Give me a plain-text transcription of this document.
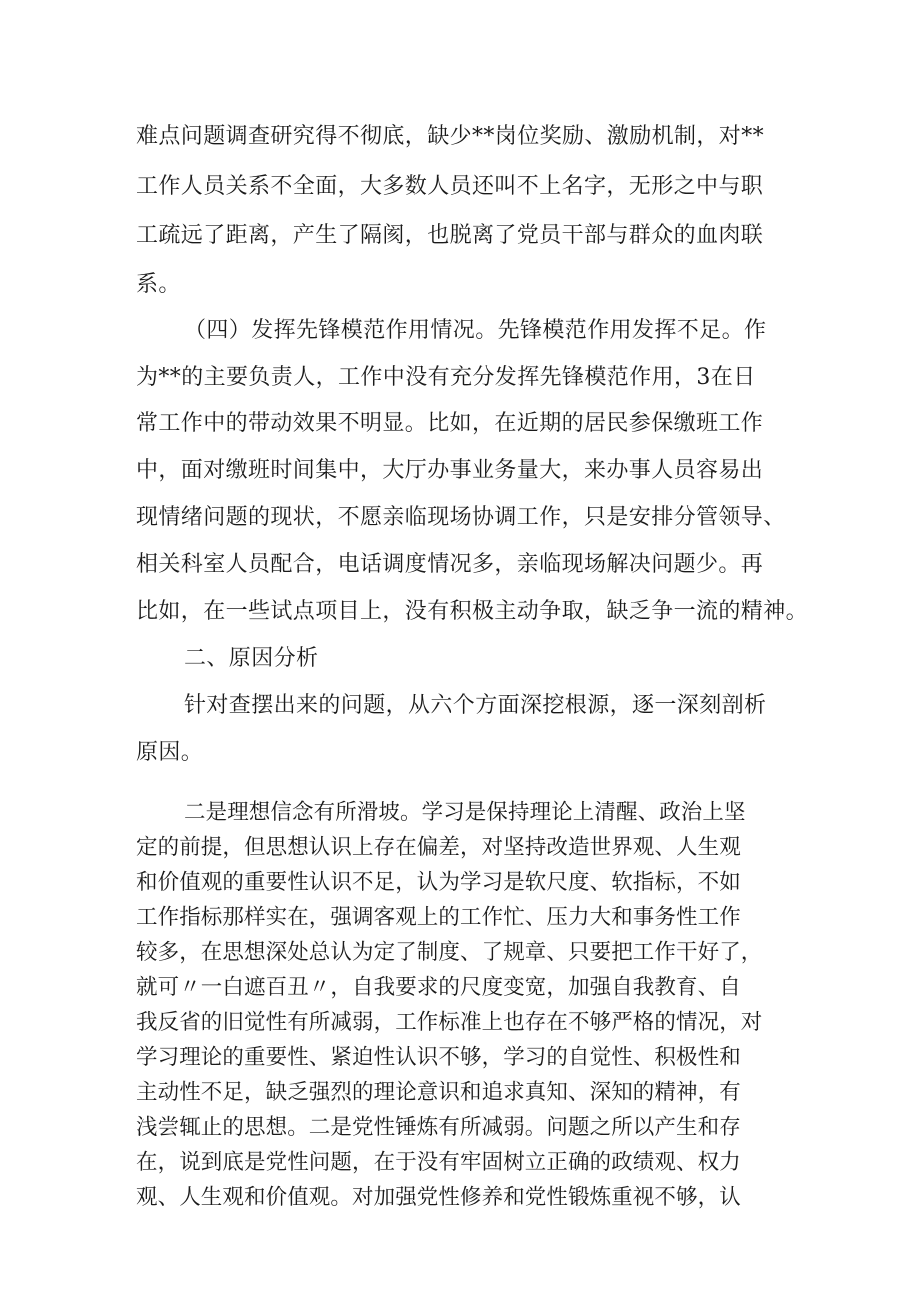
难点问题调查研究得不彻底，缺少**岗位奖励、激励机制，对**
工作人员关系不全面，大多数人员还叫不上名字，无形之中与职
工疏远了距离，产生了隔阂，也脱离了党员干部与群众的血肉联
系。
（四）发挥先锋模范作用情况。先锋模范作用发挥不足。作
为**的主要负责人，工作中没有充分发挥先锋模范作用，3在日
常工作中的带动效果不明显。比如，在近期的居民参保缴班工作
中，面对缴班时间集中，大厅办事业务量大，来办事人员容易出
现情绪问题的现状，不愿亲临现场协调工作，只是安排分管领导、
相关科室人员配合，电话调度情况多，亲临现场解决问题少。再
比如，在一些试点项目上，没有积极主动争取，缺乏争一流的精神。
二、原因分析
针对查摆出来的问题，从六个方面深挖根源，逐一深刻剖析
原因。
二是理想信念有所滑坡。学习是保持理论上清醒、政治上坚
定的前提，但思想认识上存在偏差，对坚持改造世界观、人生观
和价值观的重要性认识不足，认为学习是软尺度、软指标，不如
工作指标那样实在，强调客观上的工作忙、压力大和事务性工作
较多，在思想深处总认为定了制度、了规章、只要把工作干好了，
就可〃一白遮百丑〃，自我要求的尺度变宽，加强自我教育、自
我反省的旧觉性有所减弱，工作标准上也存在不够严格的情况，对
学习理论的重要性、紧迫性认识不够，学习的自觉性、积极性和
主动性不足，缺乏强烈的理论意识和追求真知、深知的精神，有
浅尝辄止的思想。二是党性锤炼有所减弱。问题之所以产生和存
在，说到底是党性问题，在于没有牢固树立正确的政绩观、权力
观、人生观和价值观。对加强党性修养和党性锻炼重视不够，认
